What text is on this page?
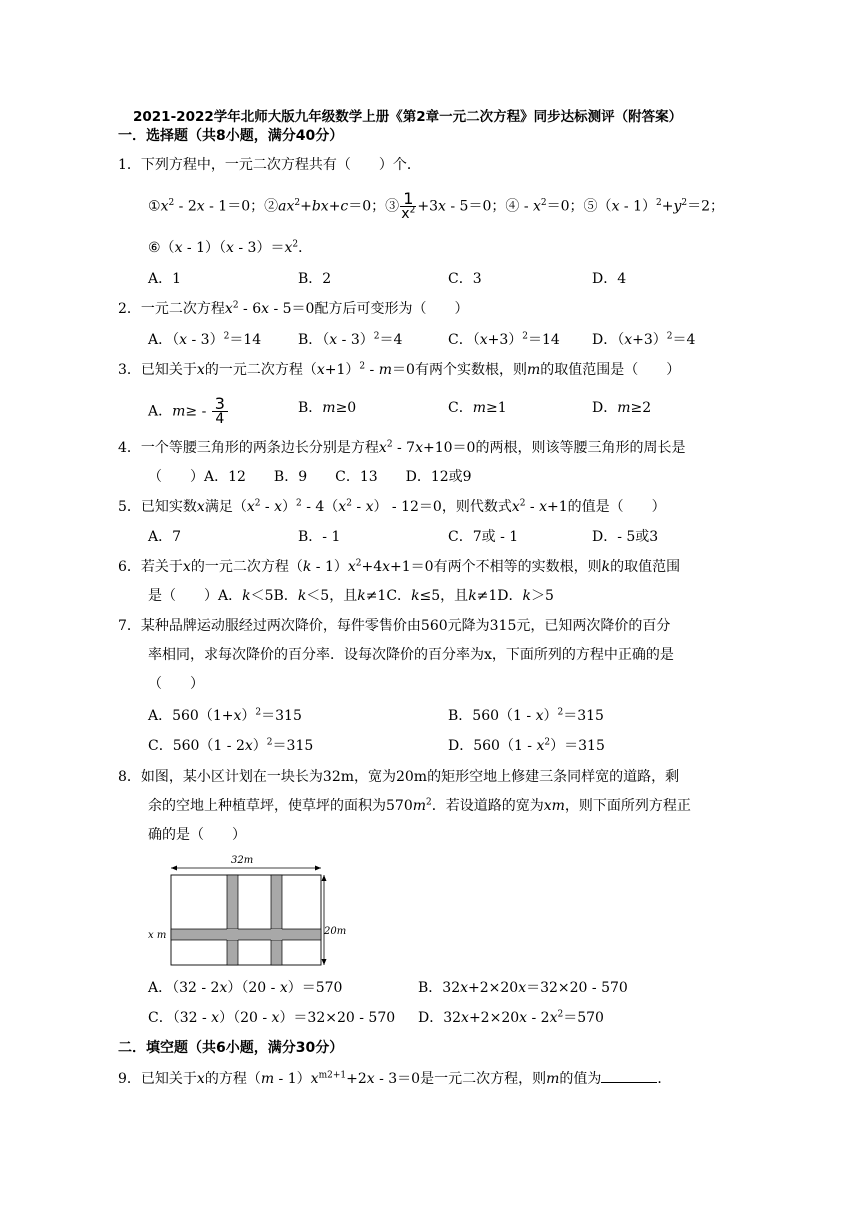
2021-2022学年北师大版九年级数学上册《第2章一元二次方程》同步达标测评（附答案）
一．选择题（共8小题，满分40分）
1．下列方程中，一元二次方程共有（　　）个．
$①x^2 - 2x - 1=0$；$②ax^2+bx+c=0$；③ $\frac{1}{x^2} +3x - 5=0$；④ - $x^2=0$；⑤（x - $1)^2+y^2=2$；
⑥（x - $1)(x - 3)=x^2$．
A．1	B．2	C．3	D．4
2．一元二次方程$x^2 - 6x - 5=0$配方后可变形为（　　）
A．（x - 3）$^2$＝14	B．（x - 3）$^2$＝4	C．$(x+3)^2=14$ D．$(x+3)^2=4$
3．已知关于x的一元二次方程$(x+1)^2 - m=0$有两个实数根，则m的取值范围是（　　）
A．$m\ge - \frac{3}{4}$	B．m≥0	C．m≥1	D．m≥2
4．一个等腰三角形的两条边长分别是方程$x^2 - 7x+10=0$的两根，则该等腰三角形的周长是
（　　）A．12　　B．9　　C．13　　D．12或9
5．已知实数x满足$(x^2 - x)^2 - 4(x^2 - x) - 12=0$，则代数式$x^2 - x+1$的值是（　　）
A．7	B．- 1	C．7或 - 1	D．- 5或3
6．若关于x的一元二次方程$(k - 1)x^2+4x+1=0$有两个不相等的实数根，则k的取值范围
是（　　）A．k＜5B．k＜5，且k≠1C．k≤5，且k≠1D．k＞5
7．某种品牌运动服经过两次降价，每件零售价由560元降为315元，已知两次降价的百分
率相同，求每次降价的百分率．设每次降价的百分率为x，下面所列的方程中正确的是
（　　）
A．$560(1+x)^2=315$	B．560（1 - x）$^2$＝315
C．560（1 - 2x）$^2$＝315	D．$560(1 - x^2)=315$
8．如图，某小区计划在一块长为32m，宽为20m的矩形空地上修建三条同样宽的道路，剩
余的空地上种植草坪，使草坪的面积为$570m^2$．若设道路的宽为xm，则下面所列方程正
确的是（　　）
32m
20m
x m
A．（32 - 2x）（20 - x）＝570	B．32x+2×20x＝32×20 - 570
C．（32 - x）（20 - x）＝32×20 - 570 D．$32x+2\times 20x - 2x^2=570$
二．填空题（共6小题，满分30分）
9．已知关于x的方程$(m - 1)x^{m2+1}+2x - 3=0$是一元二次方程，则m的值为	．
